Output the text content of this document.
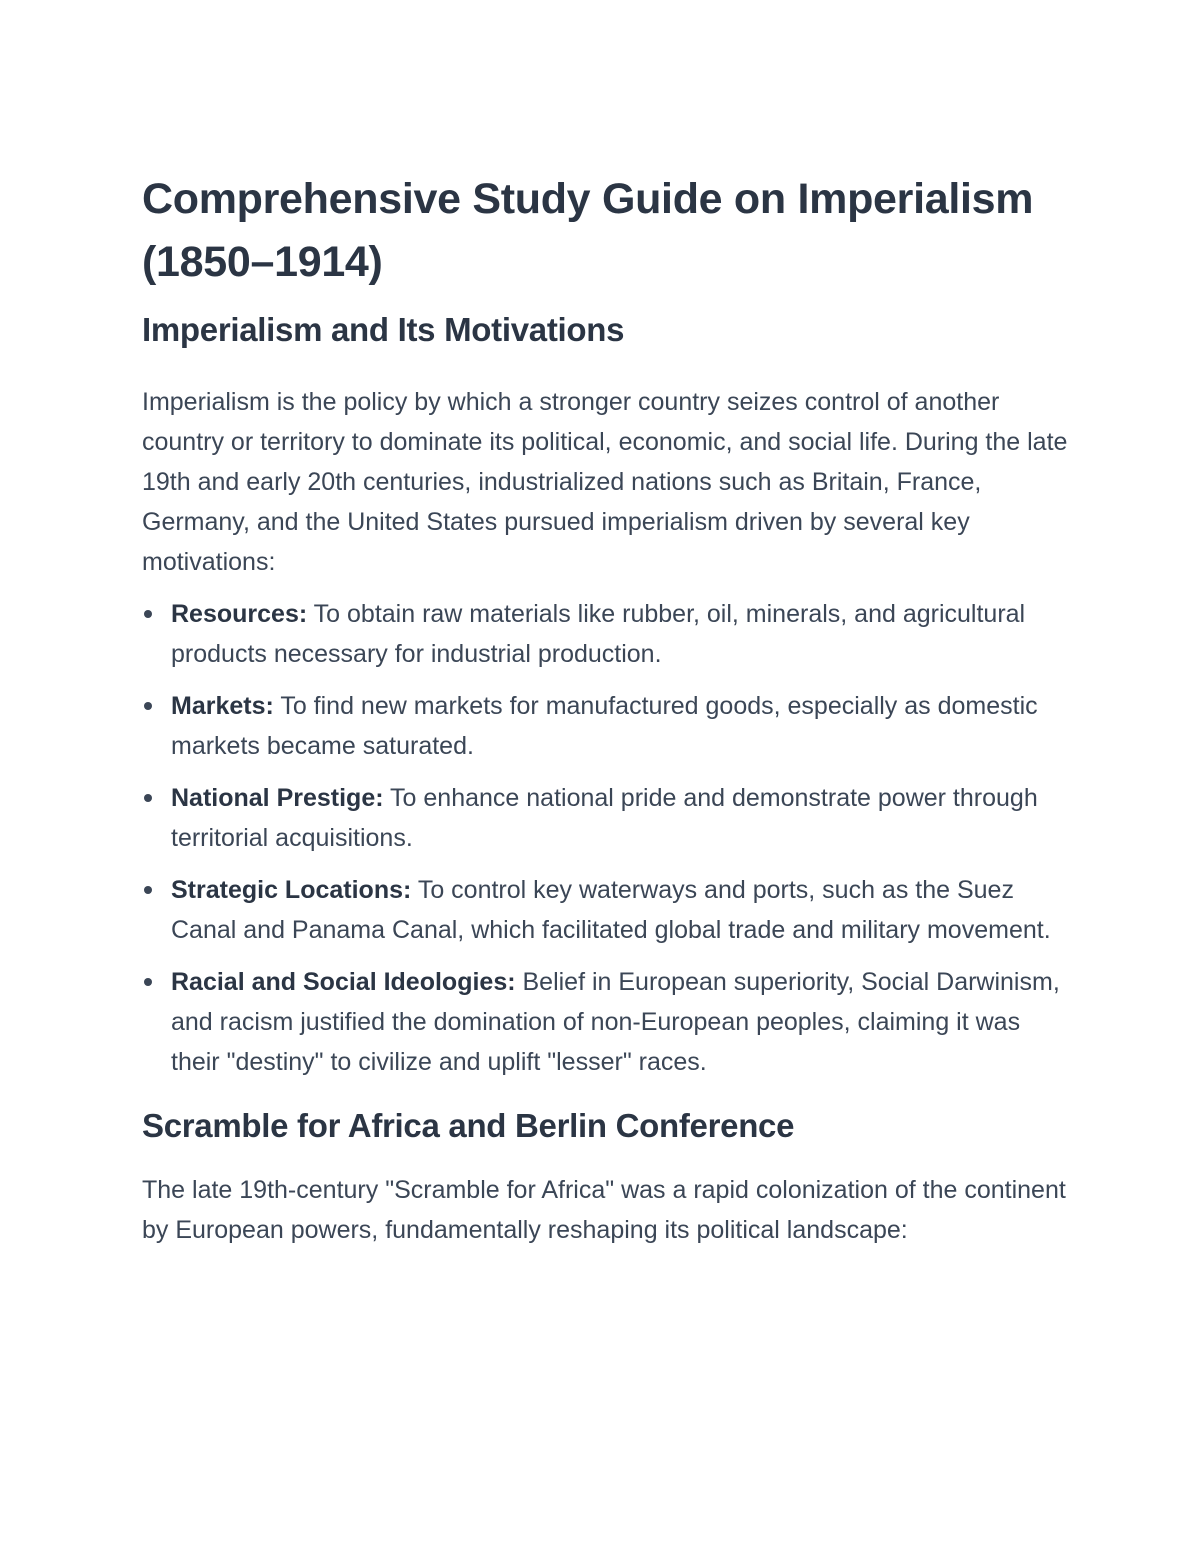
Comprehensive Study Guide on Imperialism (1850–1914)
Imperialism and Its Motivations

Imperialism is the policy by which a stronger country seizes control of another country or territory to dominate its political, economic, and social life. During the late 19th and early 20th centuries, industrialized nations such as Britain, France, Germany, and the United States pursued imperialism driven by several key motivations:

Resources: To obtain raw materials like rubber, oil, minerals, and agricultural products necessary for industrial production.
Markets: To find new markets for manufactured goods, especially as domestic markets became saturated.
National Prestige: To enhance national pride and demonstrate power through territorial acquisitions.
Strategic Locations: To control key waterways and ports, such as the Suez Canal and Panama Canal, which facilitated global trade and military movement.
Racial and Social Ideologies: Belief in European superiority, Social Darwinism, and racism justified the domination of non-European peoples, claiming it was their "destiny" to civilize and uplift "lesser" races.
Scramble for Africa and Berlin Conference

The late 19th-century "Scramble for Africa" was a rapid colonization of the continent by European powers, fundamentally reshaping its political landscape:
